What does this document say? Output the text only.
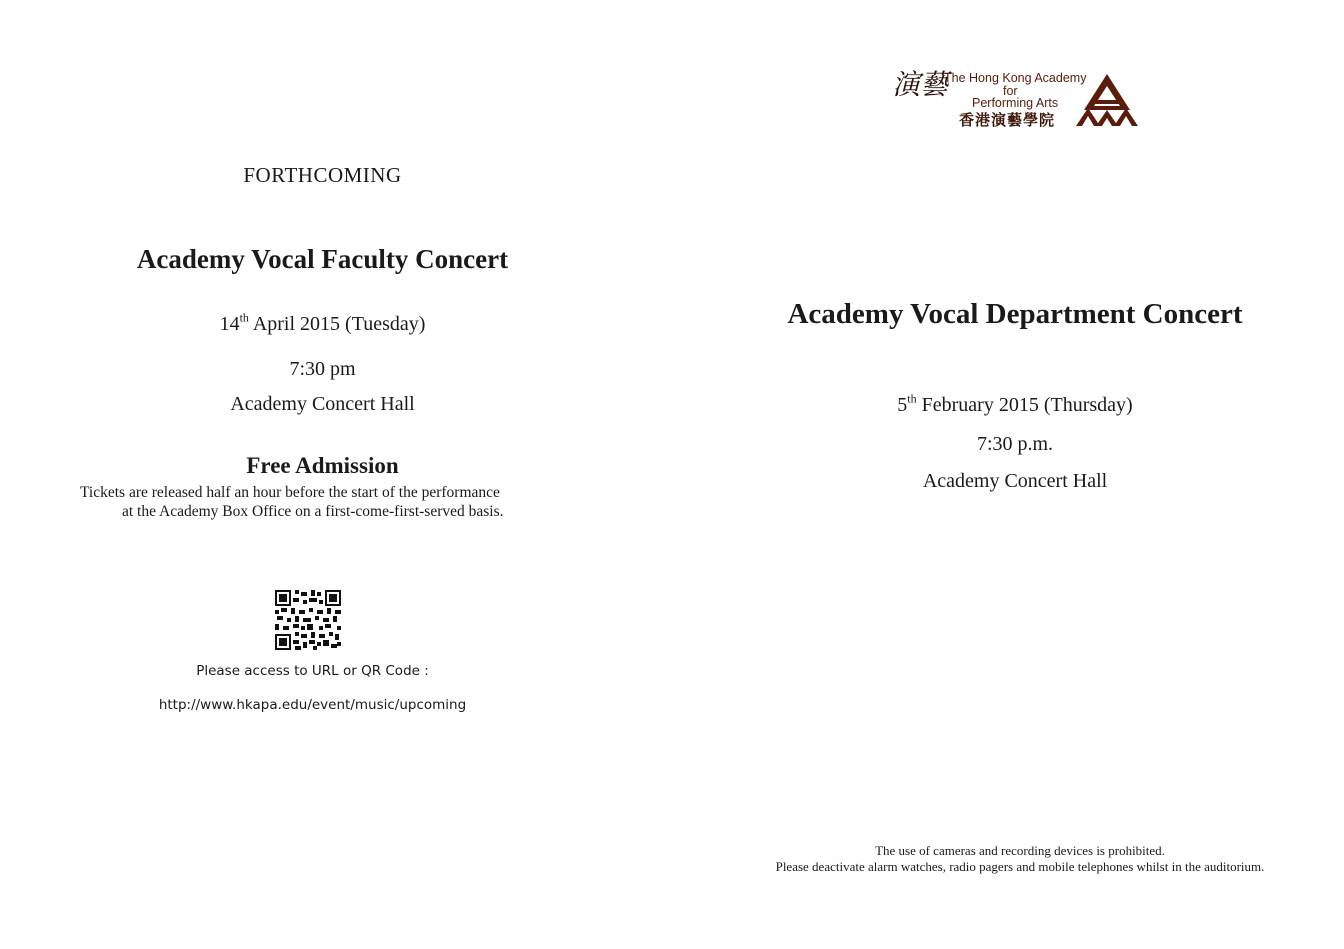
FORTHCOMING
Academy Vocal Faculty Concert
14th April 2015 (Tuesday)
7:30 pm
Academy Concert Hall
Free Admission
Tickets are released half an hour before the start of the performance
at the Academy Box Office on a first-come-first-served basis.
Please access to URL or QR Code :
http://www.hkapa.edu/event/music/upcoming
演藝
The Hong Kong Academy
for
Performing Arts
香港演藝學院
Academy Vocal Department Concert
5th February 2015 (Thursday)
7:30 p.m.
Academy Concert Hall
The use of cameras and recording devices is prohibited.
Please deactivate alarm watches, radio pagers and mobile telephones whilst in the auditorium.
